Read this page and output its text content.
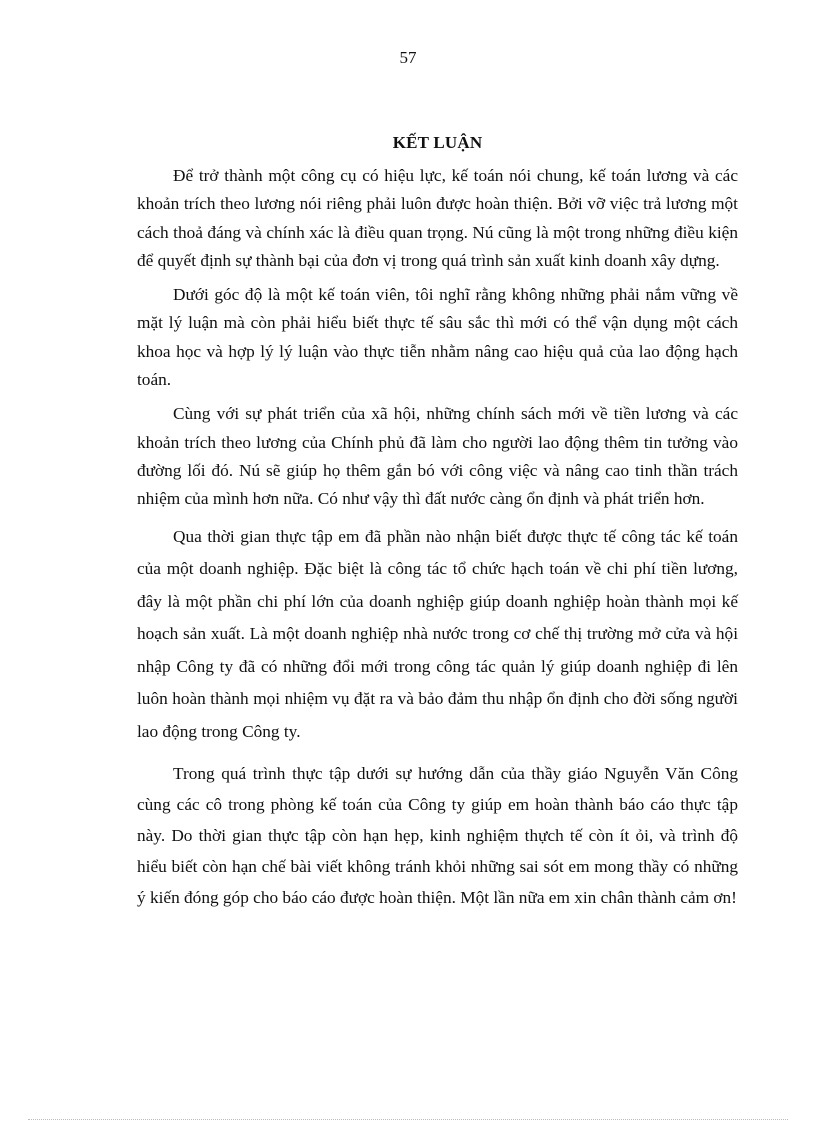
57
KẾT LUẬN

Để trở thành một công cụ có hiệu lực, kế toán nói chung, kế toán lương và các khoản trích theo lương nói riêng phải luôn được hoàn thiện. Bởi vỡ việc trả lương một cách thoả đáng và chính xác là điều quan trọng. Nú cũng là một trong những điều kiện để quyết định sự thành bại của đơn vị trong quá trình sản xuất kinh doanh xây dựng.

Dưới góc độ là một kế toán viên, tôi nghĩ rằng không những phải nắm vững về mặt lý luận mà còn phải hiểu biết thực tế sâu sắc thì mới có thể vận dụng một cách khoa học và hợp lý lý luận vào thực tiễn nhằm nâng cao hiệu quả của lao động hạch toán.

Cùng với sự phát triển của xã hội, những chính sách mới về tiền lương và các khoản trích theo lương của Chính phủ đã làm cho người lao động thêm tin tưởng vào đường lối đó. Nú sẽ giúp họ thêm gắn bó với công việc và nâng cao tinh thần trách nhiệm của mình hơn nữa. Có như vậy thì đất nước càng ổn định và phát triển hơn.

Qua thời gian thực tập em đã phần nào nhận biết được thực tế công tác kế toán của một doanh nghiệp. Đặc biệt là công tác tổ chức hạch toán về chi phí tiền lương, đây là một phần chi phí lớn của doanh nghiệp giúp doanh nghiệp hoàn thành mọi kế hoạch sản xuất. Là một doanh nghiệp nhà nước trong cơ chế thị trường mở cửa và hội nhập Công ty đã có những đổi mới trong công tác quản lý giúp doanh nghiệp đi lên luôn hoàn thành mọi nhiệm vụ đặt ra và bảo đảm thu nhập ổn định cho đời sống người lao động trong Công ty.

Trong quá trình thực tập dưới sự hướng dẫn của thầy giáo Nguyễn Văn Công cùng các cô trong phòng kế toán của Công ty giúp em hoàn thành báo cáo thực tập này. Do thời gian thực tập còn hạn hẹp, kinh nghiệm thựch tế còn ít ỏi, và trình độ hiểu biết còn hạn chế bài viết không tránh khỏi những sai sót em mong thầy có những ý kiến đóng góp cho báo cáo được hoàn thiện. Một lần nữa em xin chân thành cảm ơn!
